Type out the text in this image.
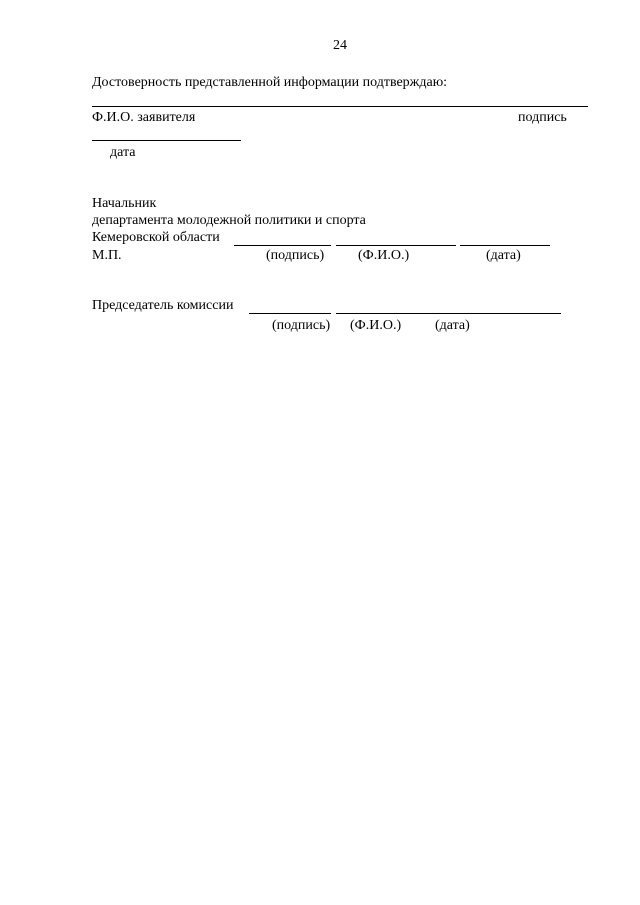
24
Достоверность представленной информации подтверждаю:
Ф.И.О. заявителя	подпись
дата
Начальник
департамента молодежной политики и спорта
Кемеровской области
М.П.	(подпись) (Ф.И.О.)	(дата)
Председатель комиссии
(подпись) (Ф.И.О.) (дата)
